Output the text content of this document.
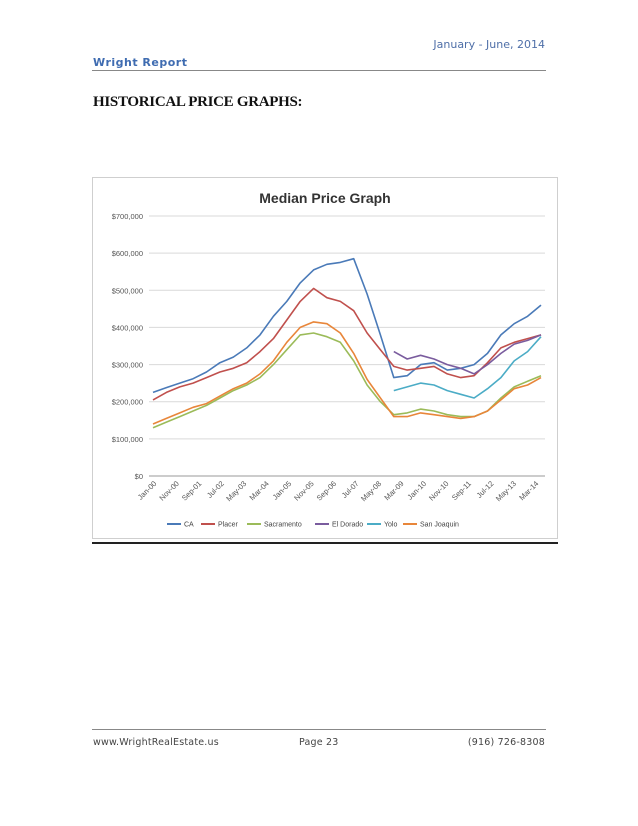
January - June, 2014
Wright Report
HISTORICAL PRICE GRAPHS:
Median Price Graph
$0
$100,000
$200,000
$300,000
$400,000
$500,000
$600,000
$700,000
Jan-00 Nov-00 Sep-01 Jul-02
May-03 Mar-04 Jan-05 Nov-05 Sep-06 Jul-07
May-08 Mar-09 Jan-10 Nov-10 Sep-11 Jul-12
May-13 Mar-14
CA	Placer	Sacramento	El Dorado	Yolo	San Joaquin
www.WrightRealEstate.us	Page 23	(916) 726-8308
